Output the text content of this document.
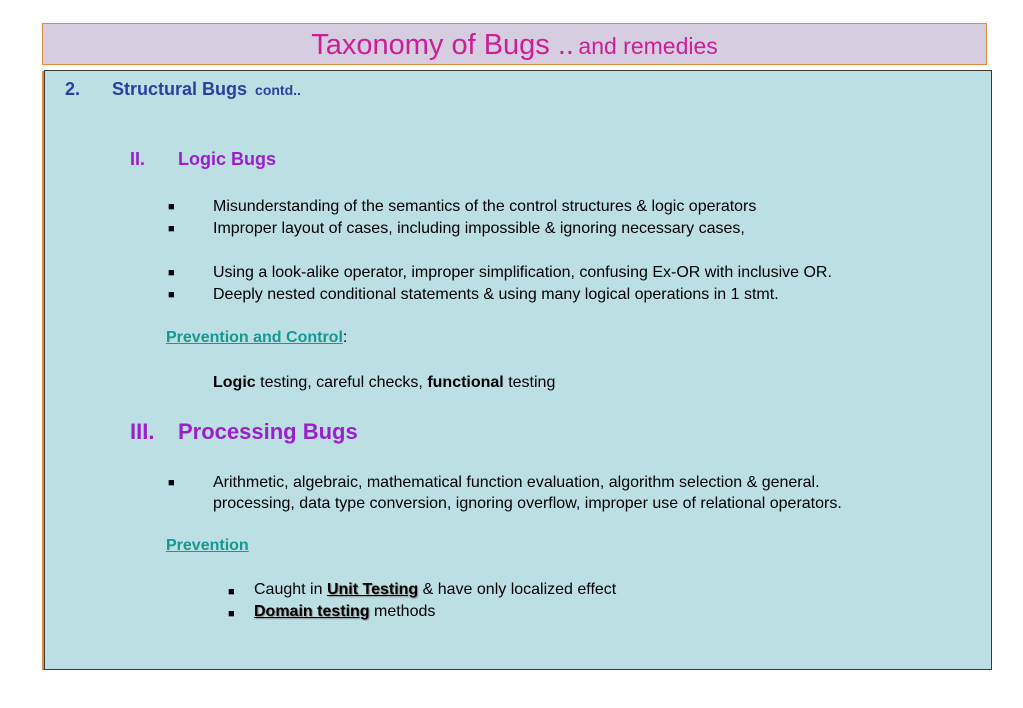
Taxonomy of Bugs .. and remedies
2. Structural Bugs contd..
II. Logic Bugs
■ Misunderstanding of the semantics of the control structures & logic operators
■ Improper layout of cases, including impossible & ignoring necessary cases,
■ Using a look-alike operator, improper simplification, confusing Ex-OR with inclusive OR.
■ Deeply nested conditional statements & using many logical operations in 1 stmt.
Prevention and Control:
Logic testing, careful checks, functional testing
III. Processing Bugs
■ Arithmetic, algebraic, mathematical function evaluation, algorithm selection & general.
processing, data type conversion, ignoring overflow, improper use of relational operators.
Prevention
■ Caught in Unit Testing & have only localized effect
■ Domain testing methods
